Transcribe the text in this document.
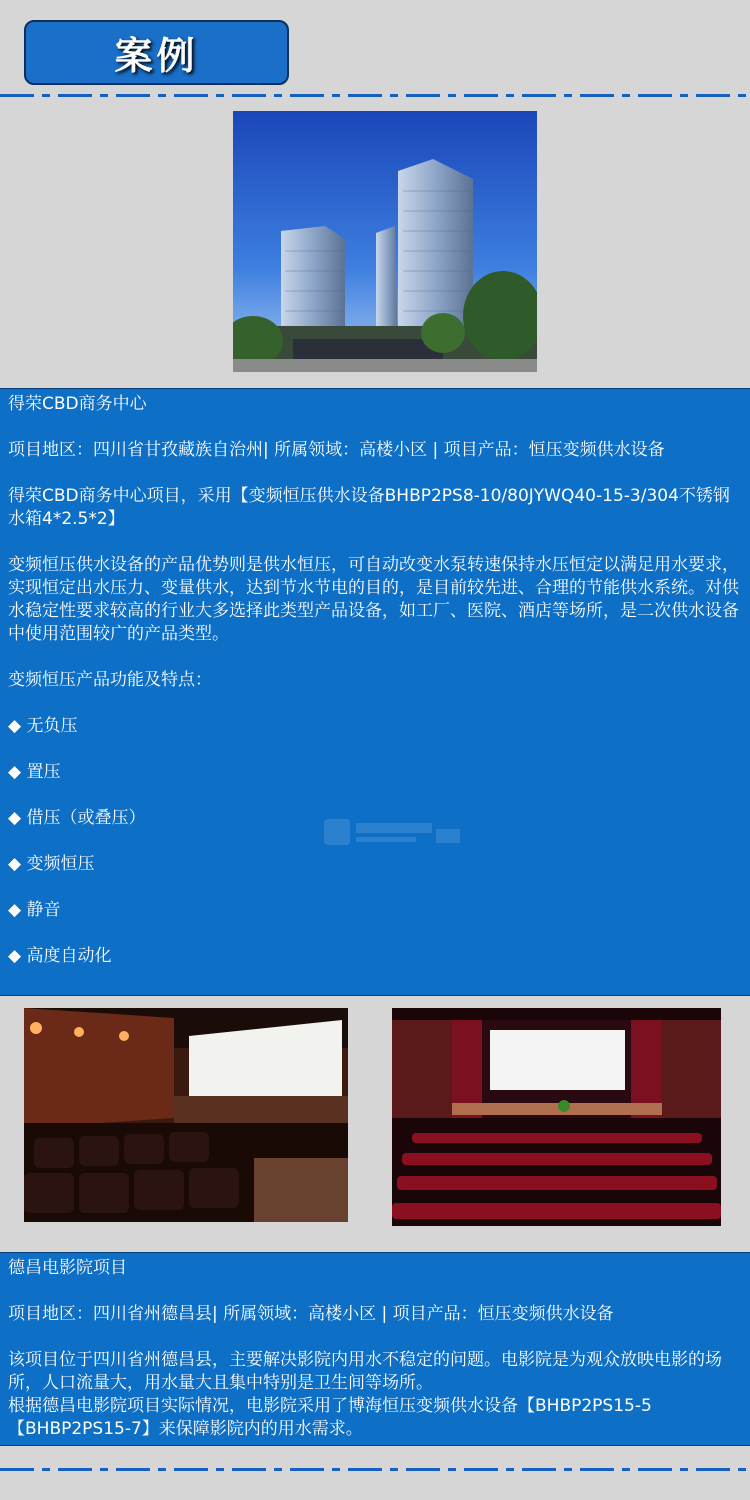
案例

得荣CBD商务中心

项目地区：四川省甘孜藏族自治州| 所属领域：高楼小区 | 项目产品：恒压变频供水设备

得荣CBD商务中心项目，采用【变频恒压供水设备BHBP2PS8-10/80JYWQ40-15-3/304不锈钢水箱4*2.5*2】

变频恒压供水设备的产品优势则是供水恒压，可自动改变水泵转速保持水压恒定以满足用水要求，实现恒定出水压力、变量供水，达到节水节电的目的，是目前较先进、合理的节能供水系统。对供水稳定性要求较高的行业大多选择此类型产品设备，如工厂、医院、酒店等场所，是二次供水设备中使用范围较广的产品类型。

变频恒压产品功能及特点：

◆ 无负压

◆ 置压

◆ 借压（或叠压）

◆ 变频恒压

◆ 静音

◆ 高度自动化

德昌电影院项目

项目地区：四川省州德昌县| 所属领域：高楼小区 | 项目产品：恒压变频供水设备

该项目位于四川省州德昌县，主要解决影院内用水不稳定的问题。电影院是为观众放映电影的场所，人口流量大，用水量大且集中特别是卫生间等场所。

根据德昌电影院项目实际情况，电影院采用了博海恒压变频供水设备【BHBP2PS15-5【BHBP2PS15-7】来保障影院内的用水需求。
